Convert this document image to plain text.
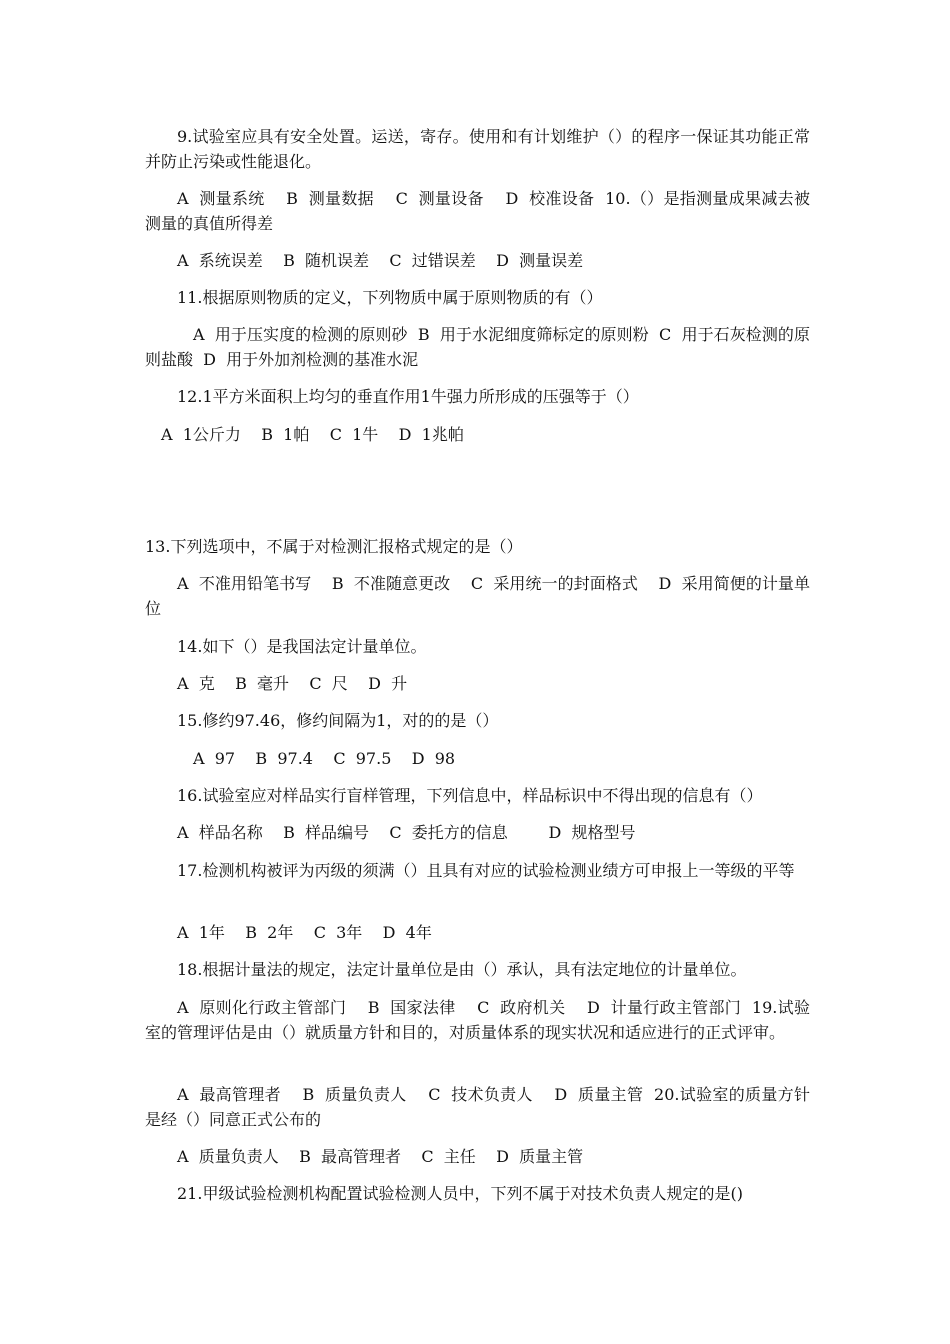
9.试验室应具有安全处置。运送，寄存。使用和有计划维护（）的程序一保证其功能正常并防止污染或性能退化。
A  测量系统    B  测量数据    C  测量设备    D  校准设备  10.（）是指测量成果减去被测量的真值所得差
A  系统误差    B  随机误差    C  过错误差    D  测量误差
11.根据原则物质的定义，下列物质中属于原则物质的有（）
A  用于压实度的检测的原则砂  B  用于水泥细度筛标定的原则粉  C  用于石灰检测的原则盐酸  D  用于外加剂检测的基准水泥
12.1平方米面积上均匀的垂直作用1牛强力所形成的压强等于（）
A  1公斤力    B  1帕    C  1牛    D  1兆帕
13.下列选项中，不属于对检测汇报格式规定的是（）
A  不准用铅笔书写    B  不准随意更改    C  采用统一的封面格式    D  采用简便的计量单位
14.如下（）是我国法定计量单位。
A  克    B  毫升    C  尺    D  升
15.修约97.46，修约间隔为1，对的的是（）
A  97    B  97.4    C  97.5    D  98
16.试验室应对样品实行盲样管理，下列信息中，样品标识中不得出现的信息有（）
A  样品名称    B  样品编号    C  委托方的信息        D  规格型号
17.检测机构被评为丙级的须满（）且具有对应的试验检测业绩方可申报上一等级的平等
A  1年    B  2年    C  3年    D  4年
18.根据计量法的规定，法定计量单位是由（）承认，具有法定地位的计量单位。
A  原则化行政主管部门    B  国家法律    C  政府机关    D  计量行政主管部门  19.试验室的管理评估是由（）就质量方针和目的，对质量体系的现实状况和适应进行的正式评审。
A  最高管理者    B  质量负责人    C  技术负责人    D  质量主管  20.试验室的质量方针是经（）同意正式公布的
A  质量负责人    B  最高管理者    C  主任    D  质量主管
21.甲级试验检测机构配置试验检测人员中，下列不属于对技术负责人规定的是()
